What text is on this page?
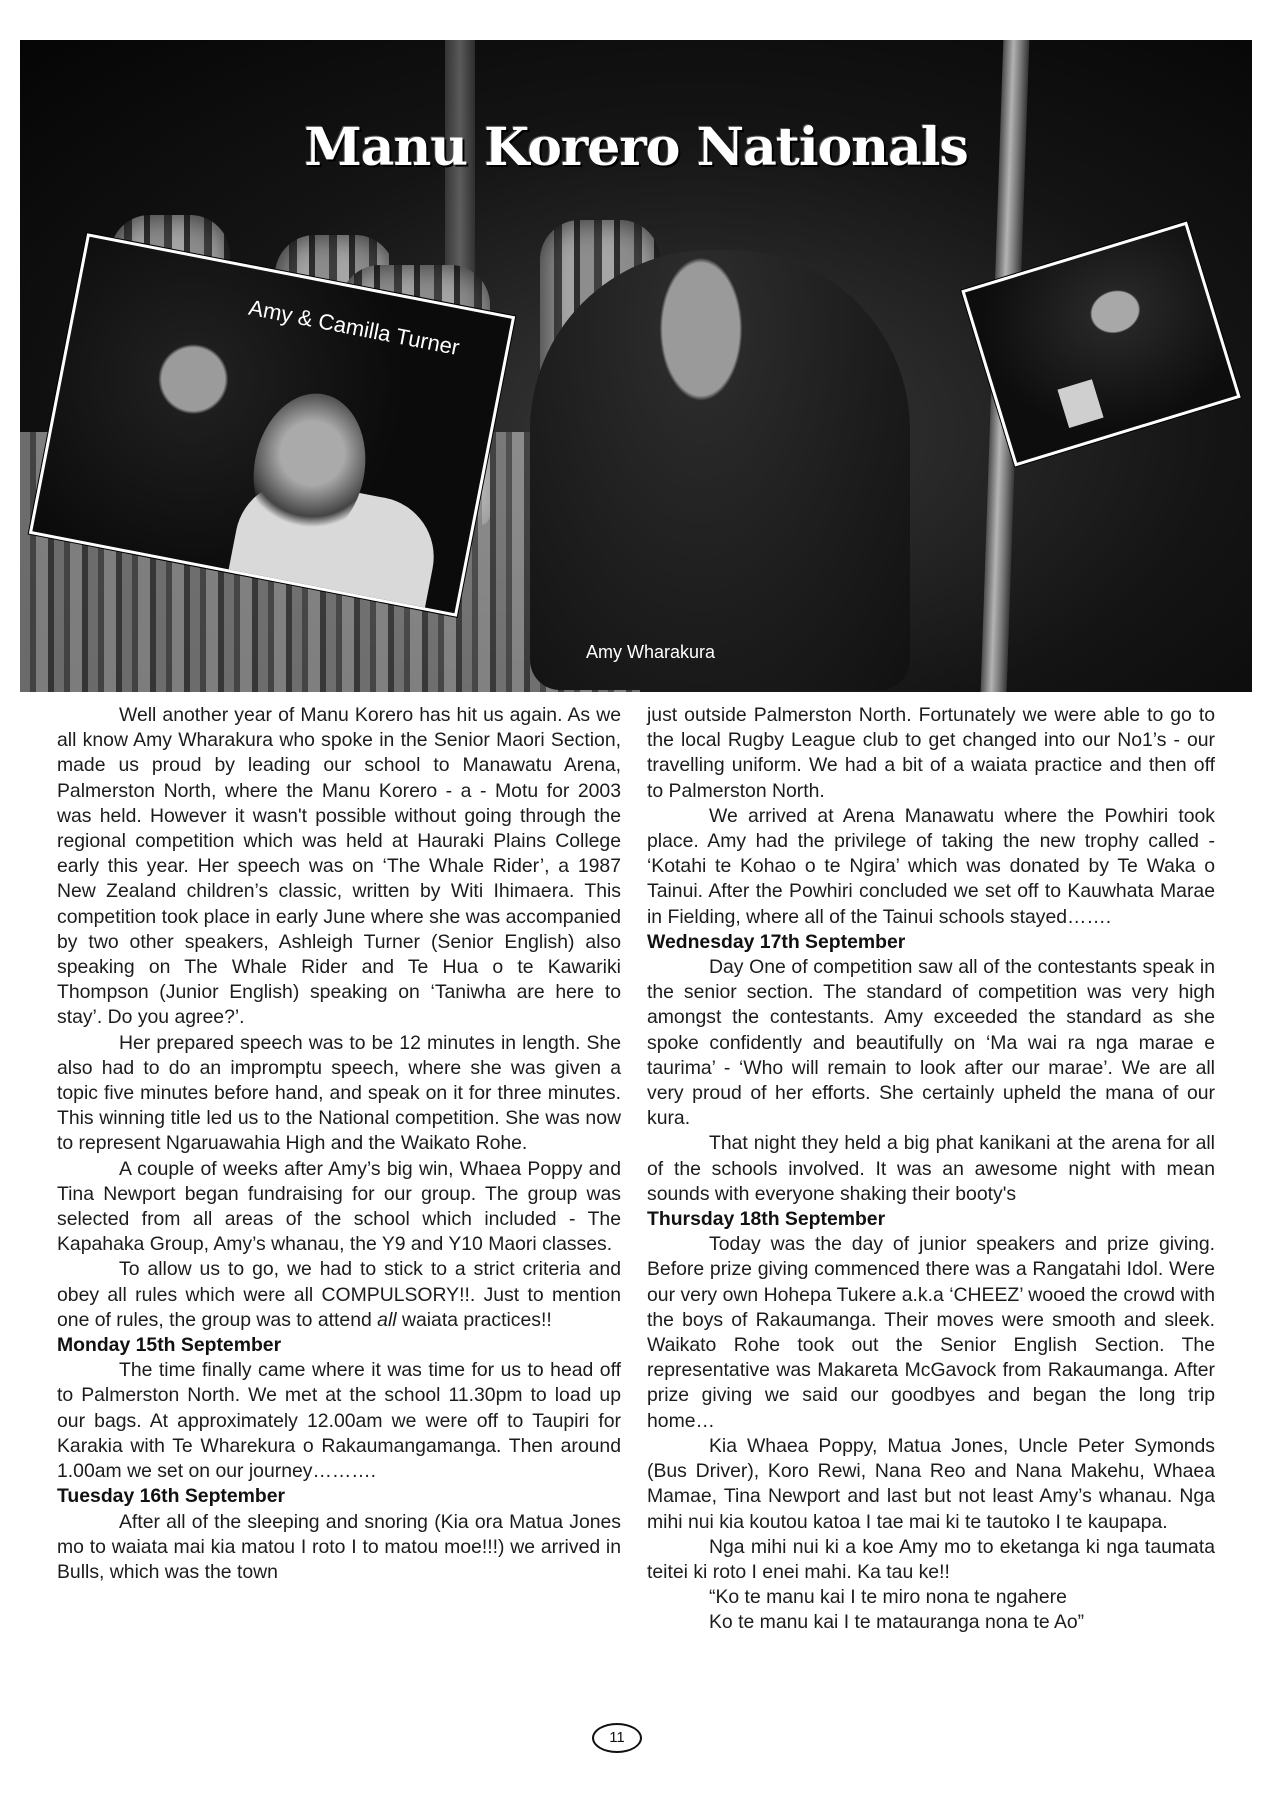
Manu Korero Nationals
Amy & Camilla Turner
Amy Wharakura

Well another year of Manu Korero has hit us again. As we all know Amy Wharakura who spoke in the Senior Maori Section, made us proud by leading our school to Manawatu Arena, Palmerston North, where the Manu Korero - a - Motu for 2003 was held. However it wasn't possible without going through the regional competition which was held at Hauraki Plains College early this year. Her speech was on ‘The Whale Rider’, a 1987 New Zealand children’s classic, written by Witi Ihimaera. This competition took place in early June where she was accompanied by two other speakers, Ashleigh Turner (Senior English) also speaking on The Whale Rider and Te Hua o te Kawariki Thompson (Junior English) speaking on ‘Taniwha are here to stay’. Do you agree?’.

Her prepared speech was to be 12 minutes in length. She also had to do an impromptu speech, where she was given a topic five minutes before hand, and speak on it for three minutes. This winning title led us to the National competition. She was now to represent Ngaruawahia High and the Waikato Rohe.

A couple of weeks after Amy’s big win, Whaea Poppy and Tina Newport began fundraising for our group. The group was selected from all areas of the school which included - The Kapahaka Group, Amy’s whanau, the Y9 and Y10 Maori classes.

To allow us to go, we had to stick to a strict criteria and obey all rules which were all COMPULSORY!!. Just to mention one of rules, the group was to attend all waiata practices!!

Monday 15th September

The time finally came where it was time for us to head off to Palmerston North. We met at the school 11.30pm to load up our bags. At approximately 12.00am we were off to Taupiri for Karakia with Te Wharekura o Rakaumangamanga. Then around 1.00am we set on our journey……….

Tuesday 16th September

After all of the sleeping and snoring (Kia ora Matua Jones mo to waiata mai kia matou I roto I to matou moe!!!) we arrived in Bulls, which was the town

just outside Palmerston North. Fortunately we were able to go to the local Rugby League club to get changed into our No1’s - our travelling uniform. We had a bit of a waiata practice and then off to Palmerston North.

We arrived at Arena Manawatu where the Powhiri took place. Amy had the privilege of taking the new trophy called - ‘Kotahi te Kohao o te Ngira’ which was donated by Te Waka o Tainui. After the Powhiri concluded we set off to Kauwhata Marae in Fielding, where all of the Tainui schools stayed…….

Wednesday 17th September

Day One of competition saw all of the contestants speak in the senior section. The standard of competition was very high amongst the contestants. Amy exceeded the standard as she spoke confidently and beautifully on ‘Ma wai ra nga marae e taurima’ - ‘Who will remain to look after our marae’. We are all very proud of her efforts. She certainly upheld the mana of our kura.

That night they held a big phat kanikani at the arena for all of the schools involved. It was an awesome night with mean sounds with everyone shaking their booty's

Thursday 18th September

Today was the day of junior speakers and prize giving. Before prize giving commenced there was a Rangatahi Idol. Were our very own Hohepa Tukere a.k.a ‘CHEEZ’ wooed the crowd with the boys of Rakaumanga. Their moves were smooth and sleek. Waikato Rohe took out the Senior English Section. The representative was Makareta McGavock from Rakaumanga. After prize giving we said our goodbyes and began the long trip home…

Kia Whaea Poppy, Matua Jones, Uncle Peter Symonds (Bus Driver), Koro Rewi, Nana Reo and Nana Makehu, Whaea Mamae, Tina Newport and last but not least Amy’s whanau. Nga mihi nui kia koutou katoa I tae mai ki te tautoko I te kaupapa.

Nga mihi nui ki a koe Amy mo to eketanga ki nga taumata teitei ki roto I enei mahi. Ka tau ke!!

“Ko te manu kai I te miro nona te ngahere
Ko te manu kai I te matauranga nona te Ao”
11
